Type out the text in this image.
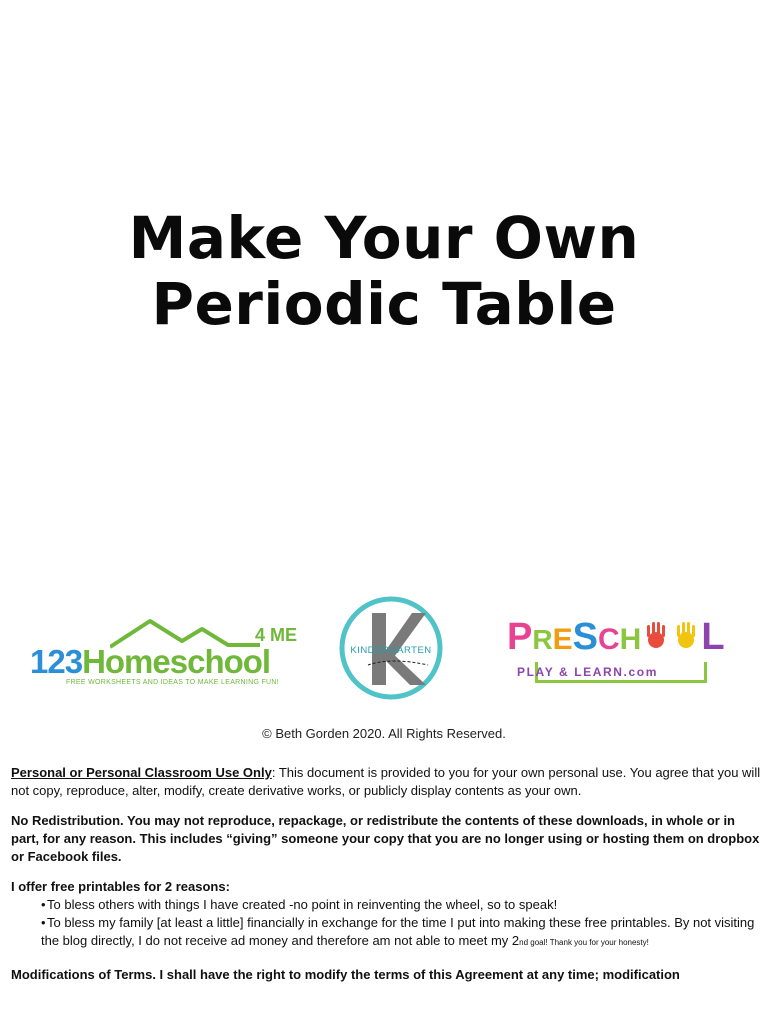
Make Your Own
Periodic Table
4 ME
123Homeschool
FREE WORKSHEETS AND IDEAS TO MAKE LEARNING FUN!
KINDERGARTEN	PRESCH L
PLAY & LEARN.com
© Beth Gorden 2020. All Rights Reserved.

Personal or Personal Classroom Use Only: This document is provided to you for your own personal use. You agree that you will not copy, reproduce, alter, modify, create derivative works, or publicly display contents as your own.

No Redistribution. You may not reproduce, repackage, or redistribute the contents of these downloads, in whole or in part, for any reason. This includes “giving” someone your copy that you are no longer using or hosting them on dropbox or Facebook files.

I offer free printables for 2 reasons:
•To bless others with things I have created -no point in reinventing the wheel, so to speak!
•To bless my family [at least a little] financially in exchange for the time I put into making these free printables. By not visiting the blog directly, I do not receive ad money and therefore am not able to meet my 2nd goal! Thank you for your honesty!

Modifications of Terms. I shall have the right to modify the terms of this Agreement at any time; modification
